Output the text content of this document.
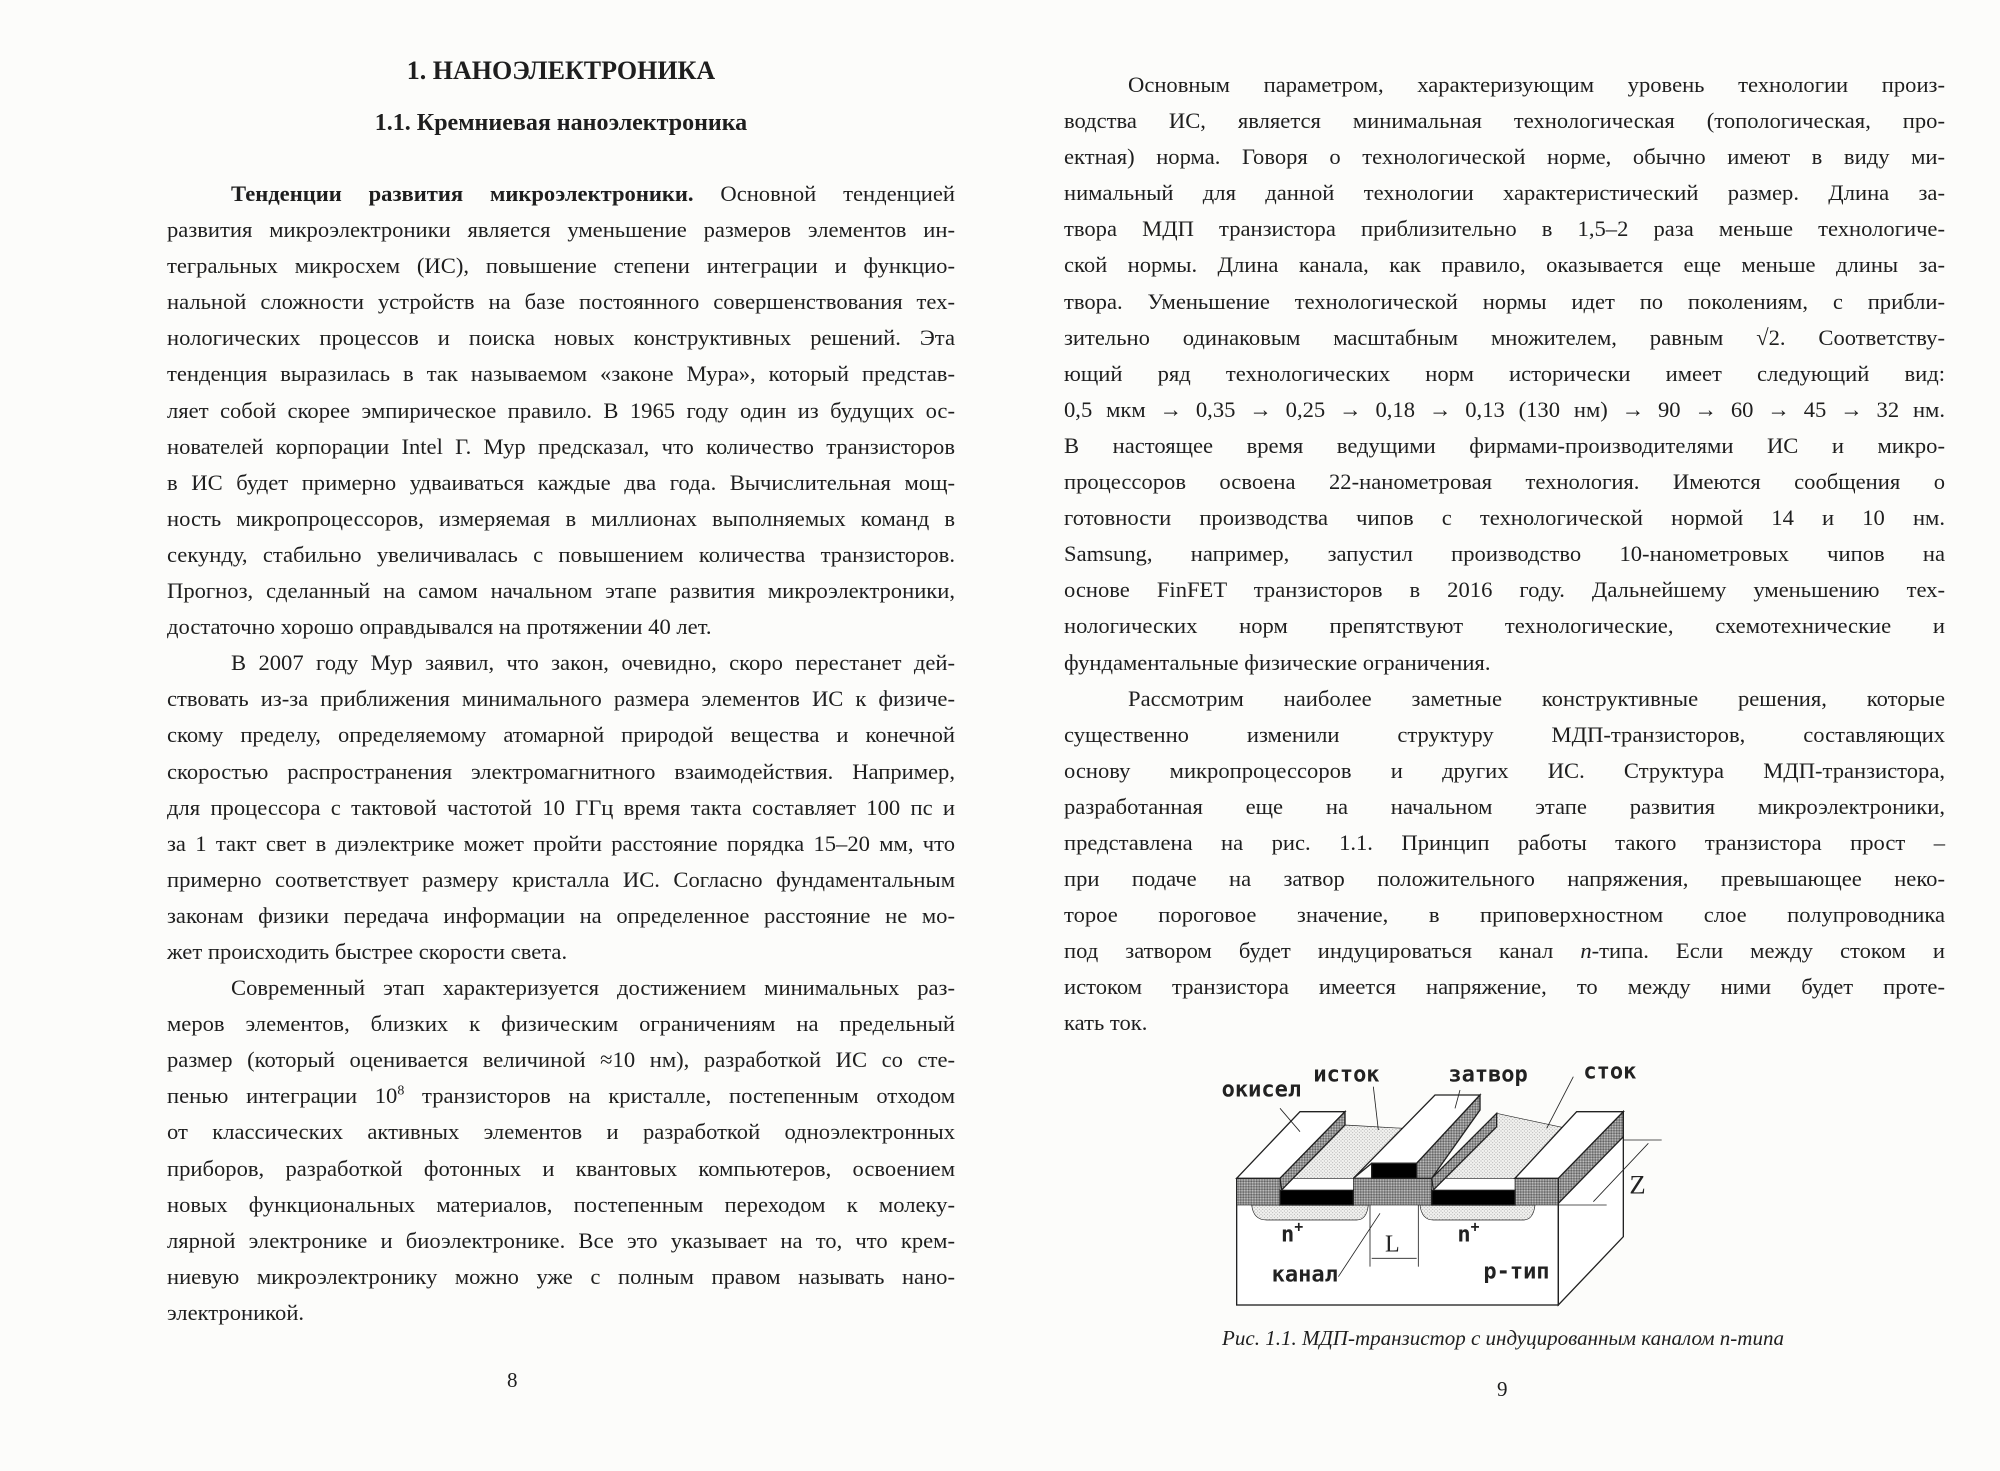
1. НАНОЭЛЕКТРОНИКА
1.1. Кремниевая наноэлектроника
Тенденции развития микроэлектроники. Основной тенденцией
развития микроэлектроники является уменьшение размеров элементов ин-
тегральных микросхем (ИС), повышение степени интеграции и функцио-
нальной сложности устройств на базе постоянного совершенствования тех-
нологических процессов и поиска новых конструктивных решений. Эта
тенденция выразилась в так называемом «законе Мура», который представ-
ляет собой скорее эмпирическое правило. В 1965 году один из будущих ос-
нователей корпорации Intel Г. Мур предсказал, что количество транзисторов
в ИС будет примерно удваиваться каждые два года. Вычислительная мощ-
ность микропроцессоров, измеряемая в миллионах выполняемых команд в
секунду, стабильно увеличивалась с повышением количества транзисторов.
Прогноз, сделанный на самом начальном этапе развития микроэлектроники,
достаточно хорошо оправдывался на протяжении 40 лет.
В 2007 году Мур заявил, что закон, очевидно, скоро перестанет дей-
ствовать из-за приближения минимального размера элементов ИС к физиче-
скому пределу, определяемому атомарной природой вещества и конечной
скоростью распространения электромагнитного взаимодействия. Например,
для процессора с тактовой частотой 10 ГГц время такта составляет 100 пс и
за 1 такт свет в диэлектрике может пройти расстояние порядка 15–20 мм, что
примерно соответствует размеру кристалла ИС. Согласно фундаментальным
законам физики передача информации на определенное расстояние не мо-
жет происходить быстрее скорости света.
Современный этап характеризуется достижением минимальных раз-
меров элементов, близких к физическим ограничениям на предельный
размер (который оценивается величиной ≈10 нм), разработкой ИС со сте-
пенью интеграции $10^8$ транзисторов на кристалле, постепенным отходом
от классических активных элементов и разработкой одноэлектронных
приборов, разработкой фотонных и квантовых компьютеров, освоением
новых функциональных материалов, постепенным переходом к молеку-
лярной электронике и биоэлектронике. Все это указывает на то, что крем-
ниевую микроэлектронику можно уже с полным правом называть нано-
электроникой.
Основным параметром, характеризующим уровень технологии произ-
водства ИС, является минимальная технологическая (топологическая, про-
ектная) норма. Говоря о технологической норме, обычно имеют в виду ми-
нимальный для данной технологии характеристический размер. Длина за-
твора МДП транзистора приблизительно в 1,5–2 раза меньше технологиче-
ской нормы. Длина канала, как правило, оказывается еще меньше длины за-
твора. Уменьшение технологической нормы идет по поколениям, с прибли-
зительно одинаковым масштабным множителем, равным √2. Соответству-
ющий ряд технологических норм исторически имеет следующий вид:
0,5 мкм → 0,35 → 0,25 → 0,18 → 0,13 (130 нм) → 90 → 60 → 45 → 32 нм.
В настоящее время ведущими фирмами-производителями ИС и микро-
процессоров освоена 22-нанометровая технология. Имеются сообщения о
готовности производства чипов с технологической нормой 14 и 10 нм.
Samsung, например, запустил производство 10-нанометровых чипов на
основе FinFET транзисторов в 2016 году. Дальнейшему уменьшению тех-
нологических норм препятствуют технологические, схемотехнические и
фундаментальные физические ограничения.
Рассмотрим наиболее заметные конструктивные решения, которые
существенно изменили структуру МДП-транзисторов, составляющих
основу микропроцессоров и других ИС. Структура МДП-транзистора,
разработанная еще на начальном этапе развития микроэлектроники,
представлена на рис. 1.1. Принцип работы такого транзистора прост –
при подаче на затвор положительного напряжения, превышающее неко-
торое пороговое значение, в приповерхностном слое полупроводника
под затвором будет индуцироваться канал n-типа. Если между стоком и
истоком транзистора имеется напряжение, то между ними будет проте-
кать ток.
8	9
окисел
исток затвор сток
Z
n + n +
L
канал р-тип
Рис. 1.1. МДП-транзистор с индуцированным каналом n-типа
